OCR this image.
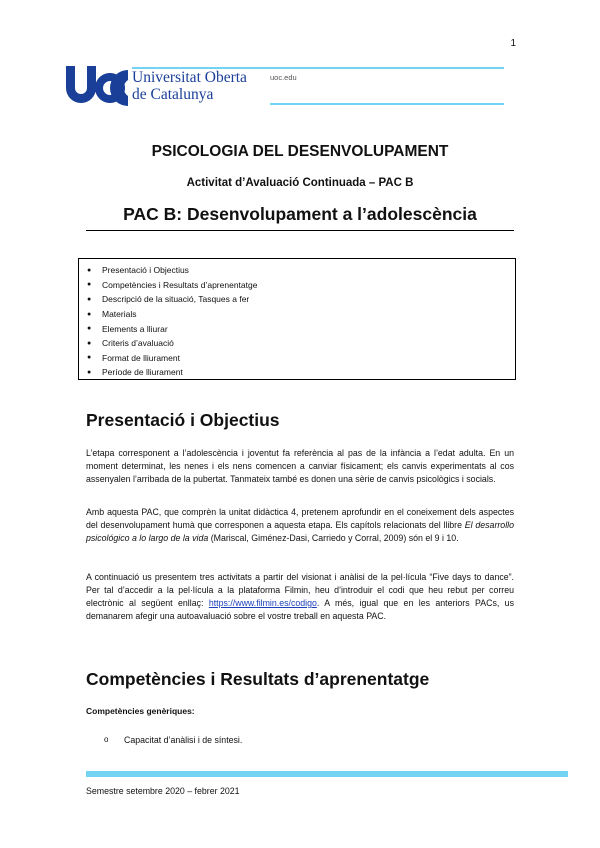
1
Universitat Oberta
de Catalunya
uoc.edu
PSICOLOGIA DEL DESENVOLUPAMENT
Activitat d’Avaluació Continuada – PAC B
PAC B: Desenvolupament a l’adolescència
●	Presentació i Objectius
●	Competències i Resultats d’aprenentatge
●	Descripció de la situació, Tasques a fer
●	Materials
●	Elements a lliurar
●	Criteris d’avaluació
●	Format de lliurament
●	Període de lliurament
Presentació i Objectius

L’etapa corresponent a l’adolescència i joventut fa referència al pas de la infància a l’edat adulta. En un moment determinat, les nenes i els nens comencen a canviar físicament; els canvis experimentats al cos assenyalen l’arribada de la pubertat. Tanmateix també es donen una sèrie de canvis psicològics i socials.

Amb aquesta PAC, que comprèn la unitat didàctica 4, pretenem aprofundir en el coneixement dels aspectes del desenvolupament humà que corresponen a aquesta etapa. Els capítols relacionats del llibre El desarrollo psicológico a lo largo de la vida (Mariscal, Giménez-Dasi, Carriedo y Corral, 2009) són el 9 i 10.

A continuació us presentem tres activitats a partir del visionat i anàlisi de la pel·lícula “Five days to dance”. Per tal d’accedir a la pel·lícula a la plataforma Filmin, heu d’introduir el codi que heu rebut per correu electrònic al següent enllaç: https://www.filmin.es/codigo. A més, igual que en les anteriors PACs, us demanarem afegir una autoavaluació sobre el vostre treball en aquesta PAC.

Competències i Resultats d’aprenentatge
Competències genèriques:
o	Capacitat d’anàlisi i de síntesi.
Semestre setembre 2020 – febrer 2021
